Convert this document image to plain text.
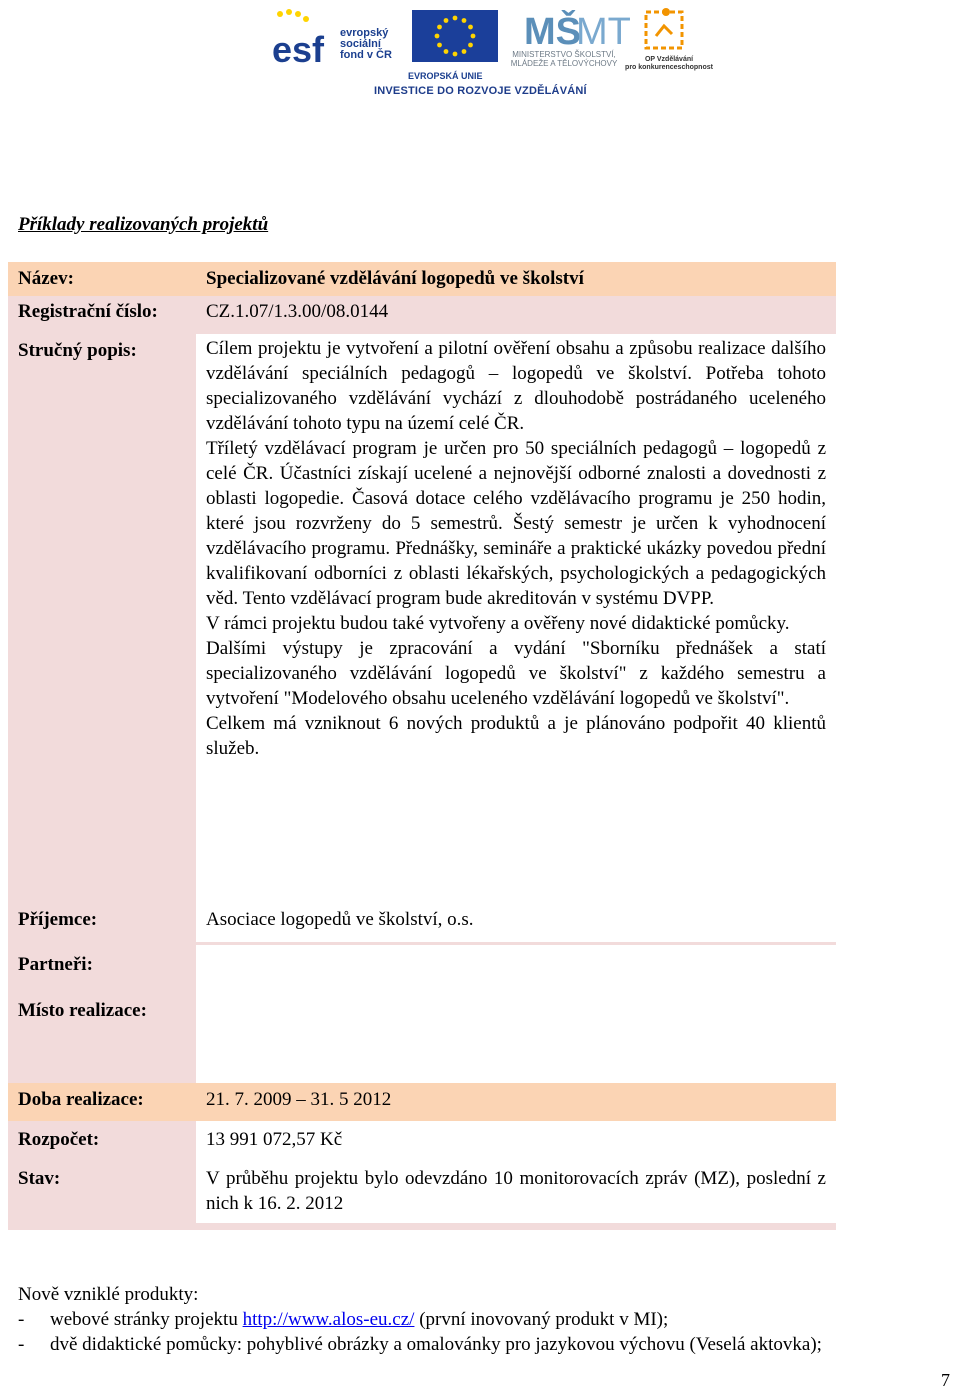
esf evropský
sociální
fond v ČR
EVROPSKÁ UNIE
MŠ
MT
MINISTERSTVO ŠKOLSTVÍ,
MLÁDEŽE A TĚLOVÝCHOVY	OP Vzdělávání
pro konkurenceschopnost
INVESTICE DO ROZVOJE VZDĚLÁVÁNÍ
Příklady realizovaných projektů
Název:	Specializované vzdělávání logopedů ve školství
Registrační číslo:	CZ.1.07/1.3.00/08.0144
Stručný popis:	Cílem projektu je vytvoření a pilotní ověření obsahu a způsobu realizace dalšího vzdělávání speciálních pedagogů – logopedů ve školství. Potřeba tohoto specializovaného vzdělávání vychází z dlouhodobě postrádaného uceleného vzdělávání tohoto typu na území celé ČR.
Tříletý vzdělávací program je určen pro 50 speciálních pedagogů – logopedů z celé ČR. Účastníci získají ucelené a nejnovější odborné znalosti a dovednosti z oblasti logopedie. Časová dotace celého vzdělávacího programu je 250 hodin, které jsou rozvrženy do 5 semestrů. Šestý semestr je určen k vyhodnocení vzdělávacího programu. Přednášky, semináře a praktické ukázky povedou přední kvalifikovaní odborníci z oblasti lékařských, psychologických a pedagogických věd. Tento vzdělávací program bude akreditován v systému DVPP.
V rámci projektu budou také vytvořeny a ověřeny nové didaktické pomůcky.
Dalšími výstupy je zpracování a vydání "Sborníku přednášek a statí specializovaného vzdělávání logopedů ve školství" z každého semestru a vytvoření "Modelového obsahu uceleného vzdělávání logopedů ve školství".
Celkem má vzniknout 6 nových produktů a je plánováno podpořit 40 klientů služeb.
Příjemce:	Asociace logopedů ve školství, o.s.
Partneři:
Místo realizace:
Doba realizace:	21. 7. 2009 – 31. 5 2012
Rozpočet:	13 991 072,57 Kč
Stav:	V průběhu projektu bylo odevzdáno 10 monitorovacích zpráv (MZ), poslední z nich k 16. 2. 2012

Nově vzniklé produkty:

- webové stránky projektu http://www.alos-eu.cz/ (první inovovaný produkt v MI);

- dvě didaktické pomůcky: pohyblivé obrázky a omalovánky pro jazykovou výchovu (Veselá aktovka);

7
